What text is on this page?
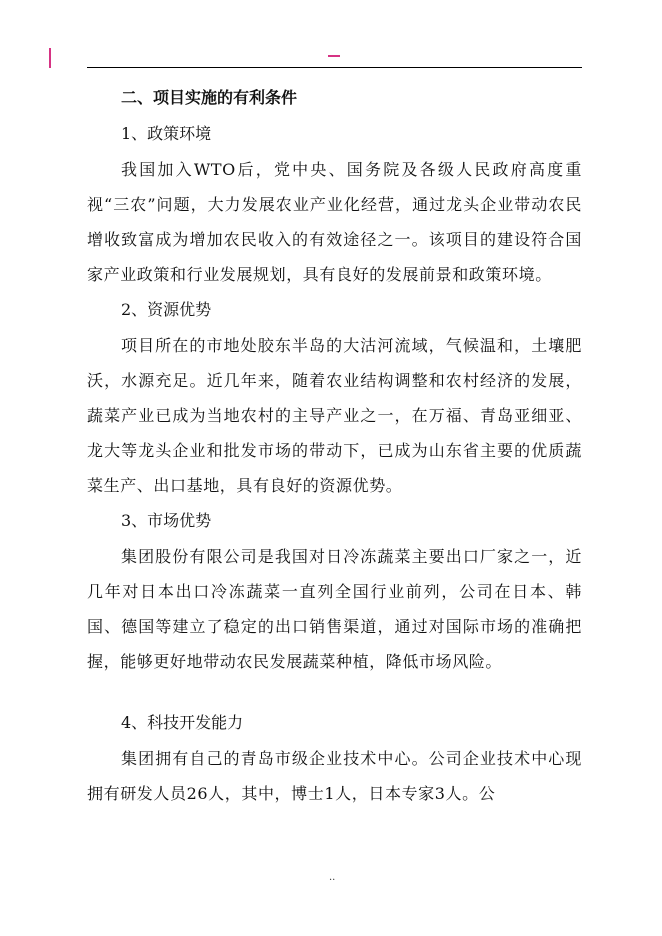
二、项目实施的有利条件

1、政策环境

我国加入WTO后，党中央、国务院及各级人民政府高度重视“三农”问题，大力发展农业产业化经营，通过龙头企业带动农民增收致富成为增加农民收入的有效途径之一。该项目的建设符合国家产业政策和行业发展规划，具有良好的发展前景和政策环境。

2、资源优势

项目所在的市地处胶东半岛的大沽河流域，气候温和，土壤肥沃，水源充足。近几年来，随着农业结构调整和农村经济的发展，蔬菜产业已成为当地农村的主导产业之一，在万福、青岛亚细亚、龙大等龙头企业和批发市场的带动下，已成为山东省主要的优质蔬菜生产、出口基地，具有良好的资源优势。

3、市场优势

集团股份有限公司是我国对日冷冻蔬菜主要出口厂家之一，近几年对日本出口冷冻蔬菜一直列全国行业前列，公司在日本、韩国、德国等建立了稳定的出口销售渠道，通过对国际市场的准确把握，能够更好地带动农民发展蔬菜种植，降低市场风险。

4、科技开发能力

集团拥有自己的青岛市级企业技术中心。公司企业技术中心现拥有研发人员26人，其中，博士1人，日本专家3人。公

..
